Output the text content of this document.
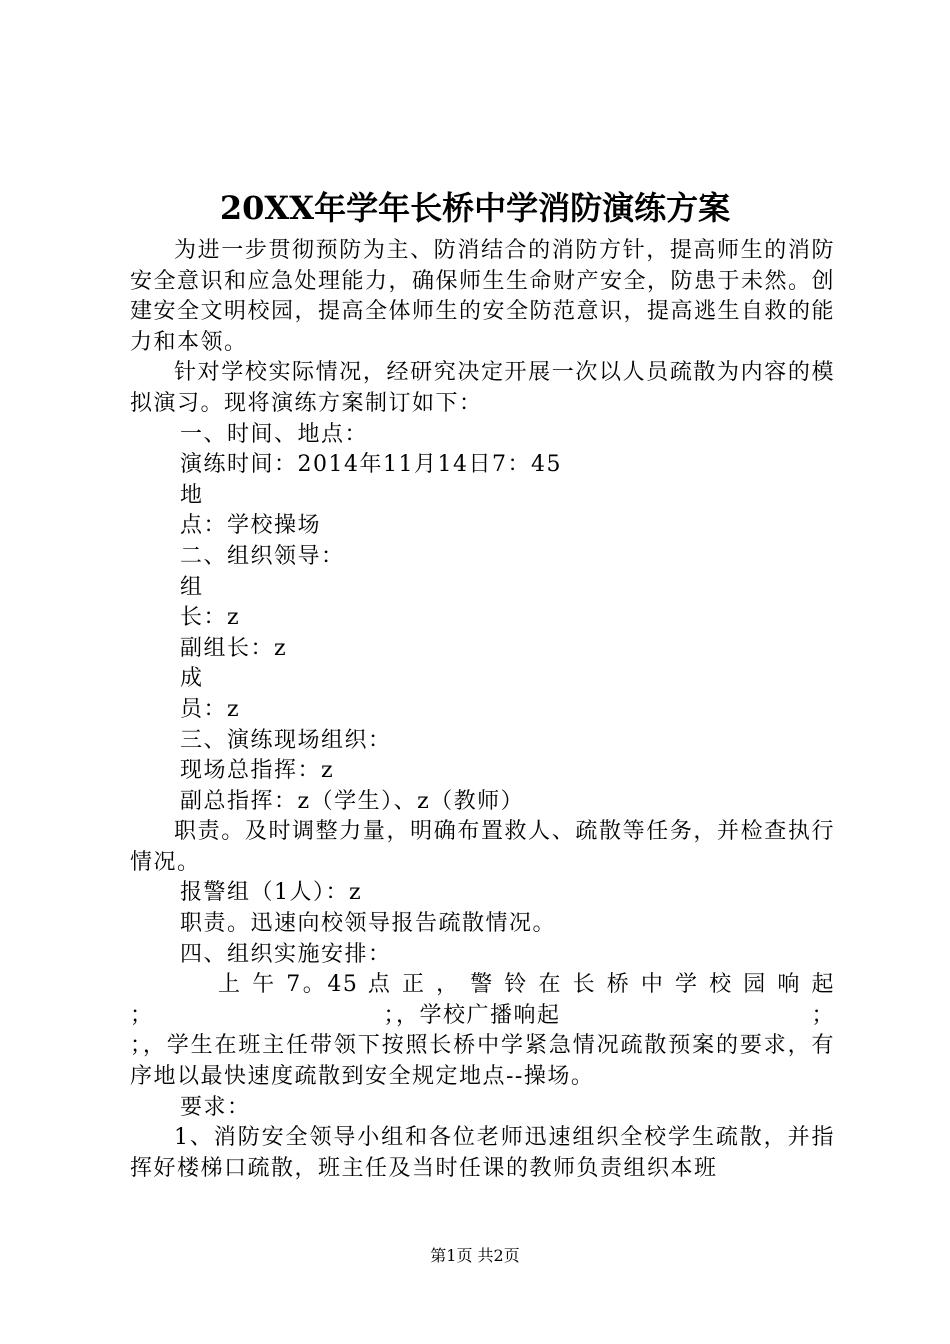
20XX年学年长桥中学消防演练方案

为进一步贯彻预防为主、防消结合的消防方针，提高师生的消防安全意识和应急处理能力，确保师生生命财产安全，防患于未然。创建安全文明校园，提高全体师生的安全防范意识，提高逃生自救的能力和本领。

针对学校实际情况，经研究决定开展一次以人员疏散为内容的模拟演习。现将演练方案制订如下：

一、时间、地点：

演练时间：2014年11月14日7：45

地

点：学校操场

二、组织领导：

组

长：z

副组长：z

成

员：z

三、演练现场组织：

现场总指挥：z

副总指挥：z（学生）、z（教师）

职责。及时调整力量，明确布置救人、疏散等任务，并检查执行情况。

报警组（1人）：z

职责。迅速向校领导报告疏散情况。

四、组织实施安排：

上 午 7。45 点 正 ， 警 铃 在 长 桥 中 学 校 园 响 起

；	；，学校广播响起	；

；，学生在班主任带领下按照长桥中学紧急情况疏散预案的要求，有序地以最快速度疏散到安全规定地点--操场。

要求：

1、消防安全领导小组和各位老师迅速组织全校学生疏散，并指挥好楼梯口疏散，班主任及当时任课的教师负责组织本班

第1页 共2页
